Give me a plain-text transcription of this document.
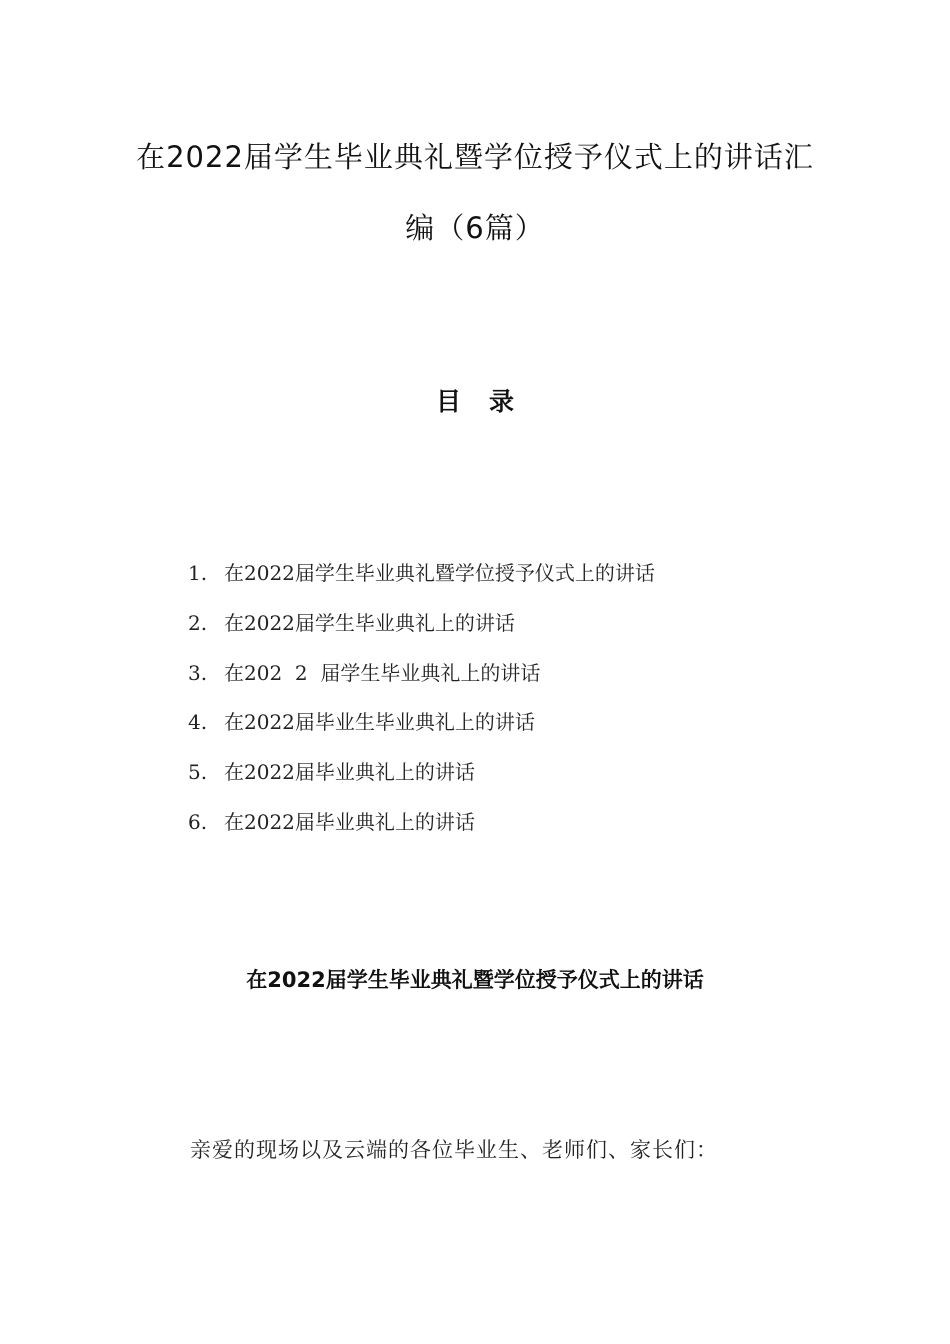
在2022届学生毕业典礼暨学位授予仪式上的讲话汇
编（6篇）
目 录
1. 在2022届学生毕业典礼暨学位授予仪式上的讲话
2. 在2022届学生毕业典礼上的讲话
3. 在202  2  届学生毕业典礼上的讲话
4. 在2022届毕业生毕业典礼上的讲话
5. 在2022届毕业典礼上的讲话
6. 在2022届毕业典礼上的讲话
在2022届学生毕业典礼暨学位授予仪式上的讲话

亲爱的现场以及云端的各位毕业生、老师们、家长们：
